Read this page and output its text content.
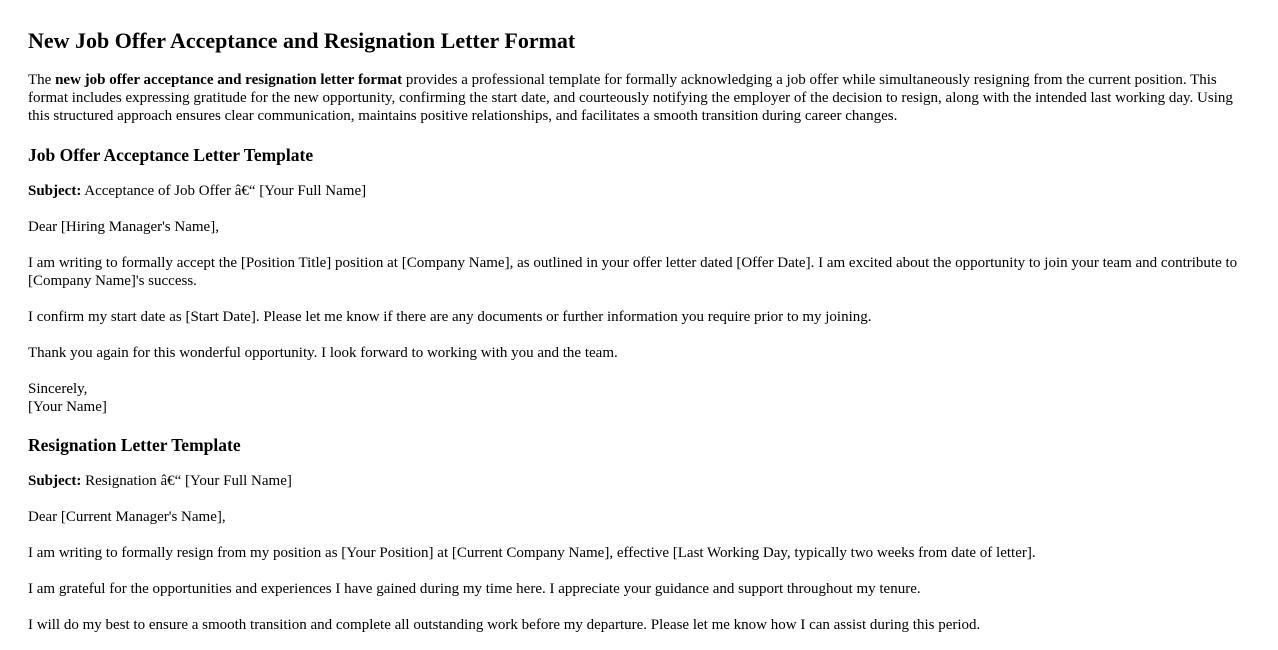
New Job Offer Acceptance and Resignation Letter Format

The new job offer acceptance and resignation letter format provides a professional template for formally acknowledging a job offer while simultaneously resigning from the current position. This format includes expressing gratitude for the new opportunity, confirming the start date, and courteously notifying the employer of the decision to resign, along with the intended last working day. Using this structured approach ensures clear communication, maintains positive relationships, and facilitates a smooth transition during career changes.

Job Offer Acceptance Letter Template

Subject: Acceptance of Job Offer â€“ [Your Full Name]

Dear [Hiring Manager's Name],

I am writing to formally accept the [Position Title] position at [Company Name], as outlined in your offer letter dated [Offer Date]. I am excited about the opportunity to join your team and contribute to [Company Name]'s success.

I confirm my start date as [Start Date]. Please let me know if there are any documents or further information you require prior to my joining.

Thank you again for this wonderful opportunity. I look forward to working with you and the team.

Sincerely,
[Your Name]

Resignation Letter Template

Subject: Resignation â€“ [Your Full Name]

Dear [Current Manager's Name],

I am writing to formally resign from my position as [Your Position] at [Current Company Name], effective [Last Working Day, typically two weeks from date of letter].

I am grateful for the opportunities and experiences I have gained during my time here. I appreciate your guidance and support throughout my tenure.

I will do my best to ensure a smooth transition and complete all outstanding work before my departure. Please let me know how I can assist during this period.
